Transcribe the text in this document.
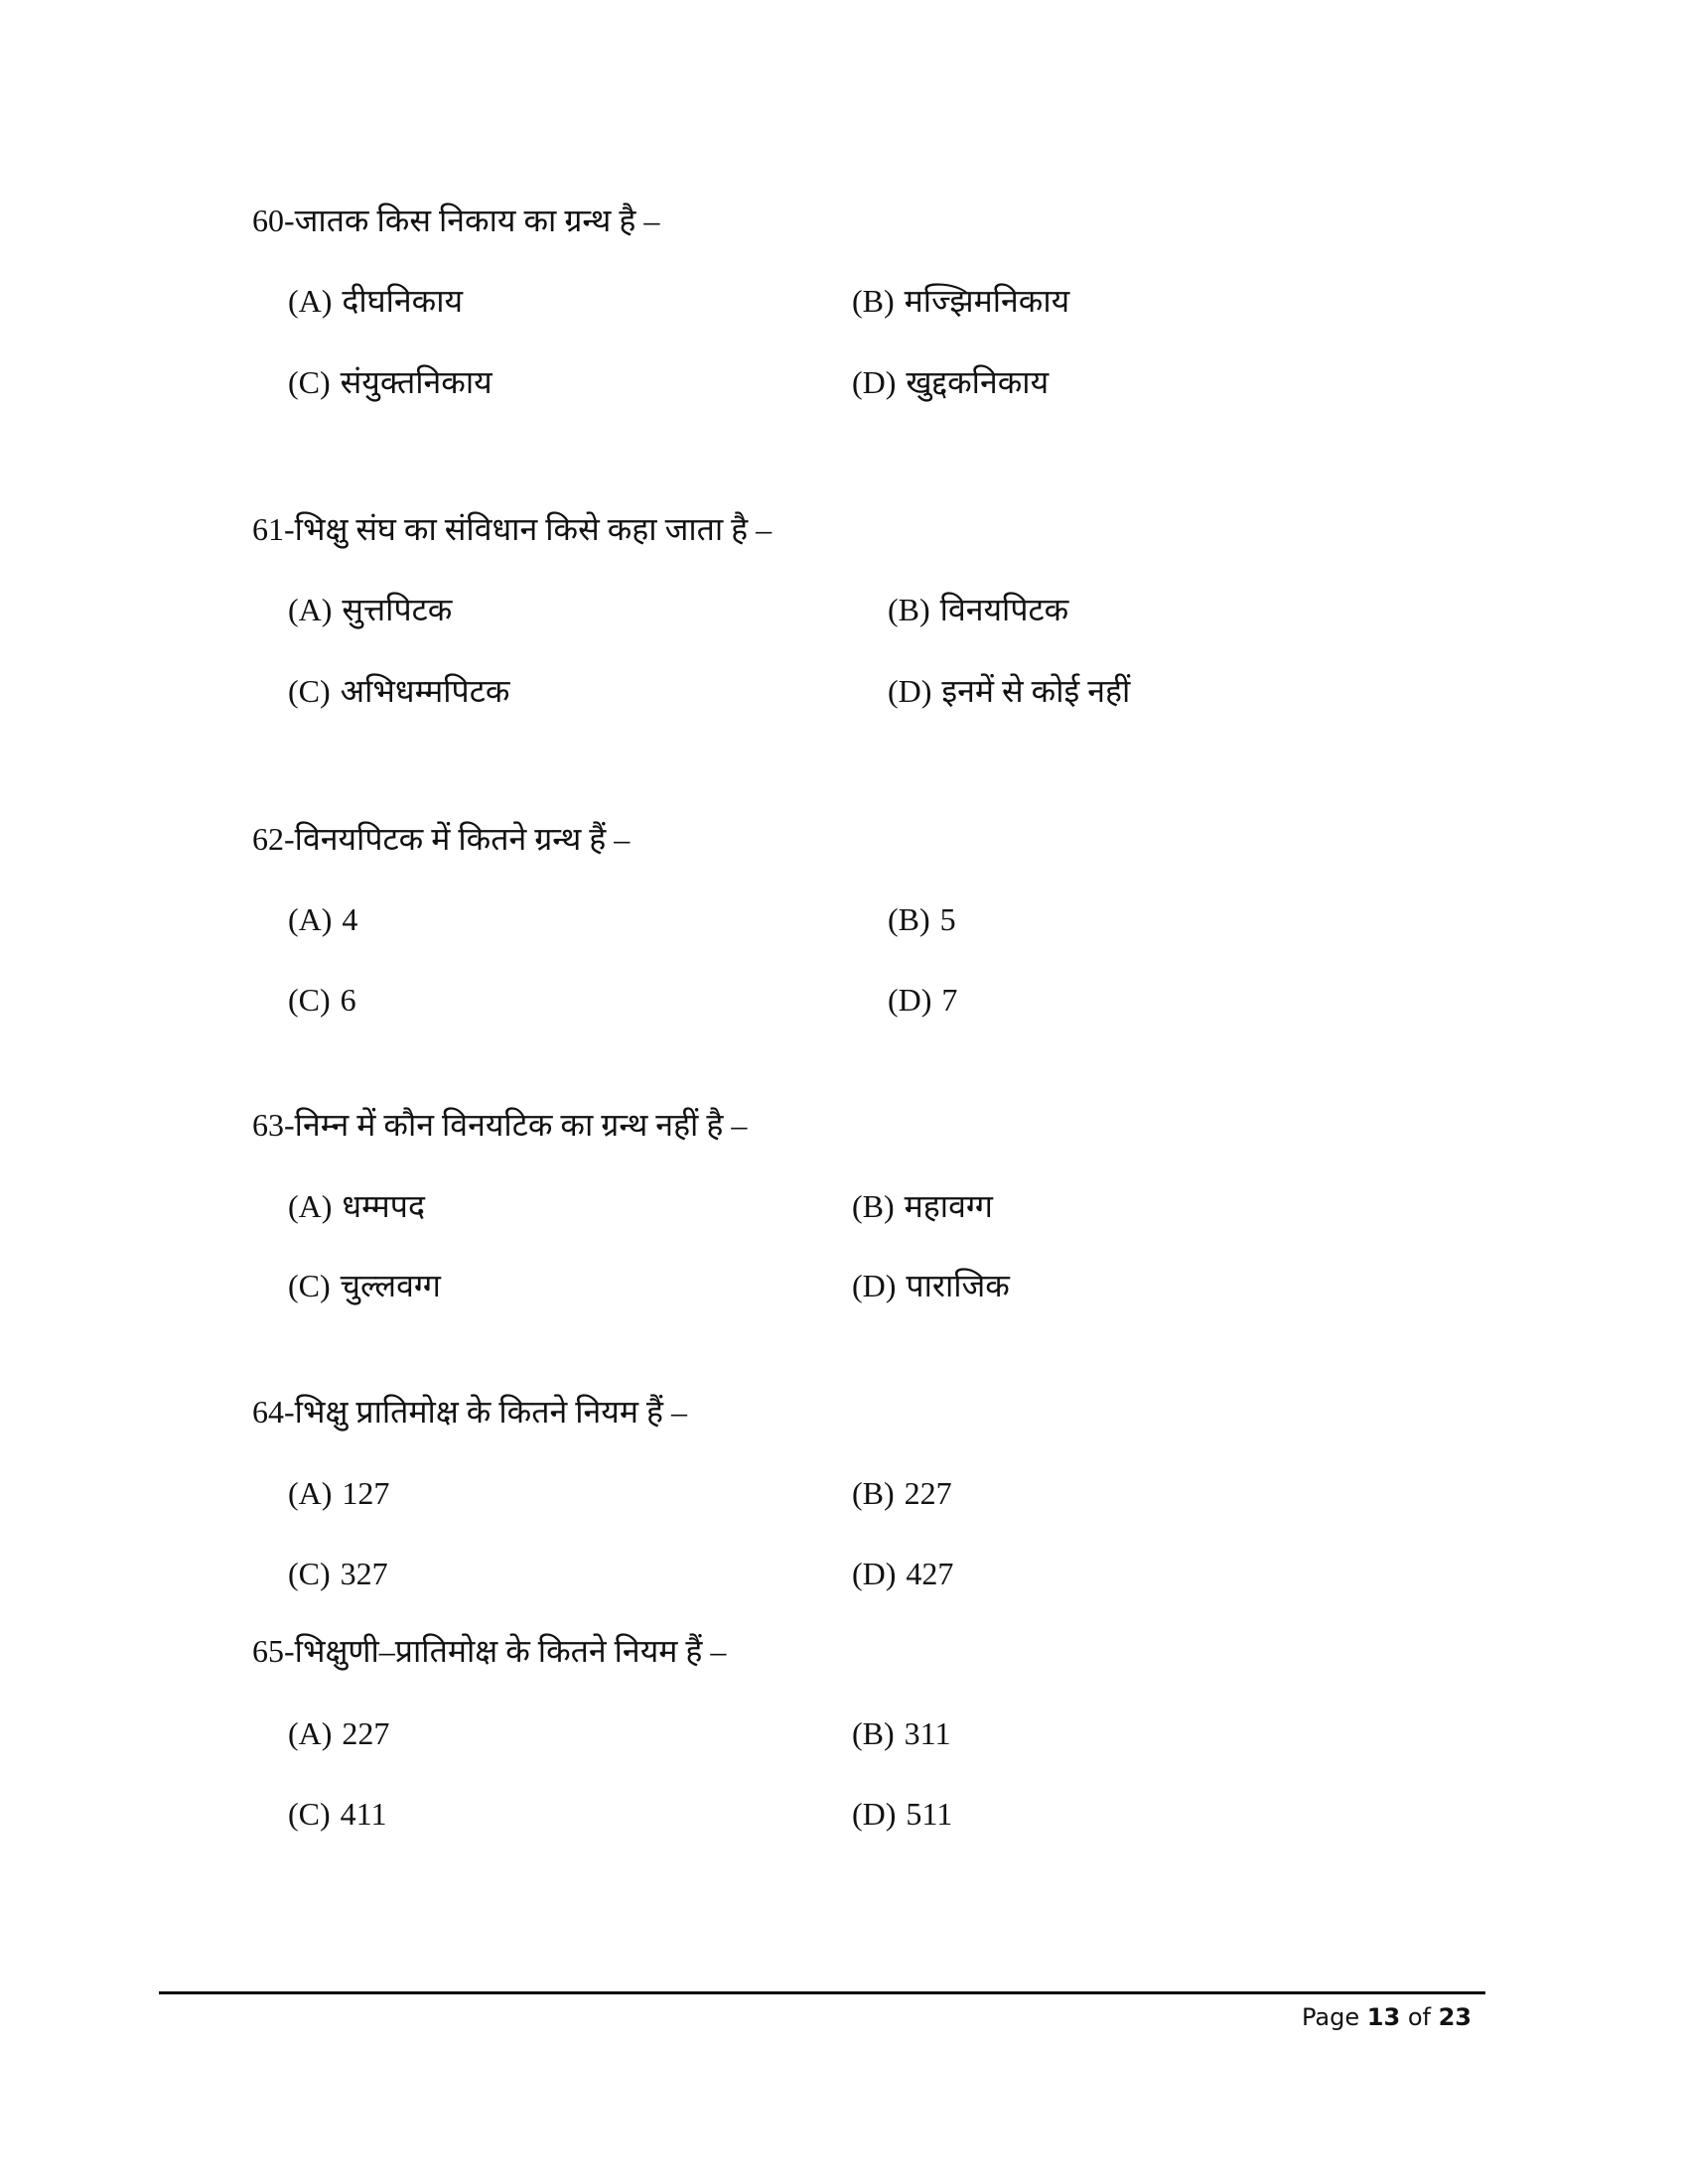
60-जातक किस निकाय का ग्रन्थ है –
(A) दीघनिकाय	(B) मज्झिमनिकाय
(C) संयुक्तनिकाय	(D) खुद्दकनिकाय
61-भिक्षु संघ का संविधान किसे कहा जाता है –
(A) सुत्तपिटक	(B) विनयपिटक
(C) अभिधम्मपिटक	(D) इनमें से कोई नहीं
62-विनयपिटक में कितने ग्रन्थ हैं –
(A) 4	(B) 5
(C) 6	(D) 7
63-निम्न में कौन विनयटिक का ग्रन्थ नहीं है –
(A) धम्मपद	(B) महावग्ग
(C) चुल्लवग्ग	(D) पाराजिक
64-भिक्षु प्रातिमोक्ष के कितने नियम हैं –
(A) 127	(B) 227
(C) 327	(D) 427
65-भिक्षुणी–प्रातिमोक्ष के कितने नियम हैं –
(A) 227	(B) 311
(C) 411	(D) 511
Page 13 of 23
